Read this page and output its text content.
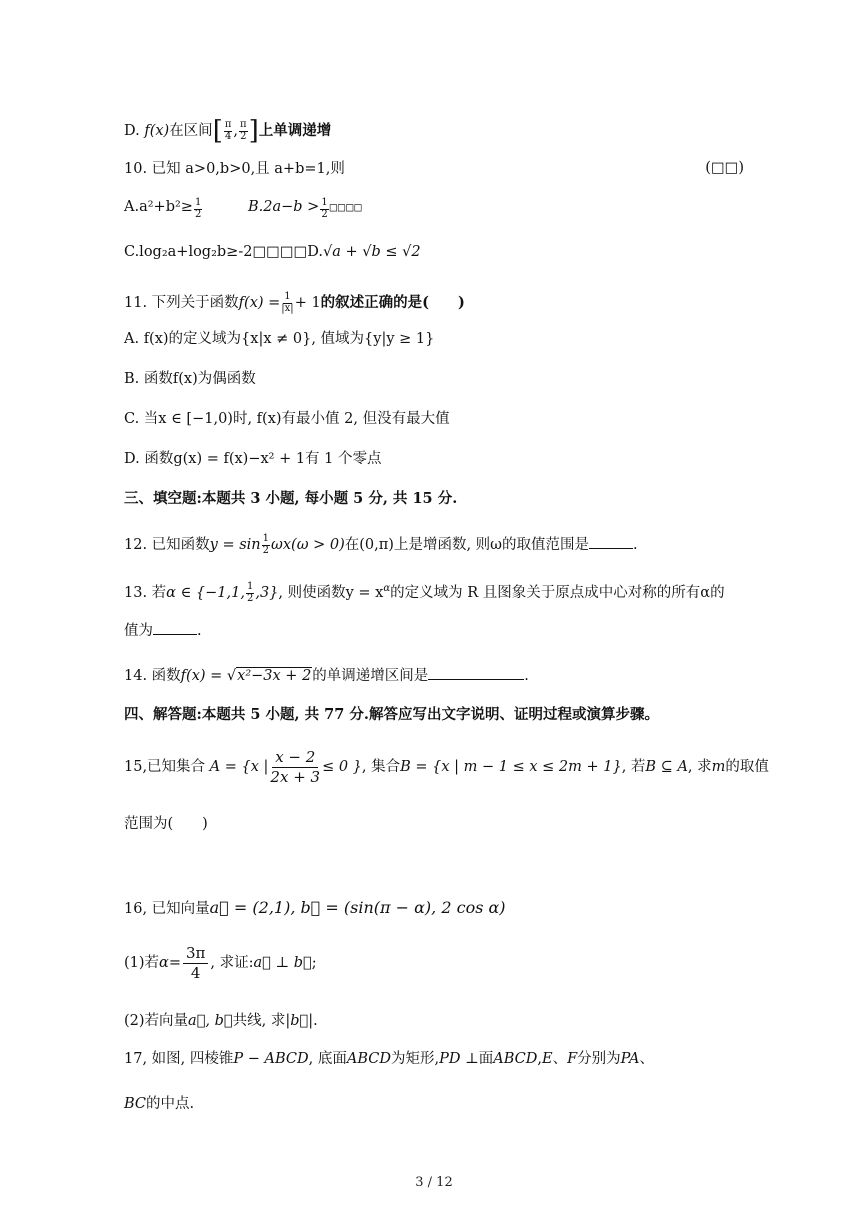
D. f(x)在区间[ $\frac{\pi}{4}$ , $\frac{\pi}{2}$ ]上单调递增
10. 已知 a>0,b>0,且 a+b=1,则	(□□)
$A.a^2+b^2\ge \frac{1}{2}$	$B.2a-b > \frac{1}{2}$ □□□□
C.log₂a+log₂b≥-2□□□□D.√a + √b ≤ √2
11. 下列关于函数$f(x) = \frac{1}{|x|} + 1$的叙述正确的是(　　)
A. f(x)的定义域为{x|x ≠ 0}, 值域为{y|y ≥ 1}
B. 函数f(x)为偶函数
C. 当x ∈ [−1,0)时, f(x)有最小值 2, 但没有最大值
D. 函数g(x) = f(x)−x² + 1有 1 个零点
三、填空题:本题共 3 小题, 每小题 5 分, 共 15 分.
12. 已知函数$y = \sin \frac{1}{2} \omega x(\omega > 0)$在(0,π)上是增函数, 则ω的取值范围是	.
13. 若α ∈ {−1,1, $\frac{1}{2} ,3$}, 则使函数$y = x^\alpha$的定义域为 R 且图象关于原点成中心对称的所有α的
值为	.
14. 函数f(x) = √x²−3x + 2的单调递增区间是	.
四、解答题:本题共 5 小题, 共 77 分.解答应写出文字说明、证明过程或演算步骤。
15,已知集合 A = {x | $\frac{x - 2}{2x + 3} \le 0$ }, 集合B = {x | m − 1 ≤ x ≤ 2m + 1}, 若B ⊆ A, 求m的取值
范围为(　　)
16, 已知向量a⃗ = (2,1), b⃗ = (sin(π − α), 2 cos α)
(1)若$\alpha= \frac{3\pi}{4}$ , 求证:a⃗ ⊥ b⃗;
(2)若向量a⃗, b⃗共线, 求|b⃗|.
17, 如图, 四棱锥P − ABCD, 底面ABCD为矩形,PD ⊥面ABCD,E、F分别为PA、
BC的中点.
3 / 12
